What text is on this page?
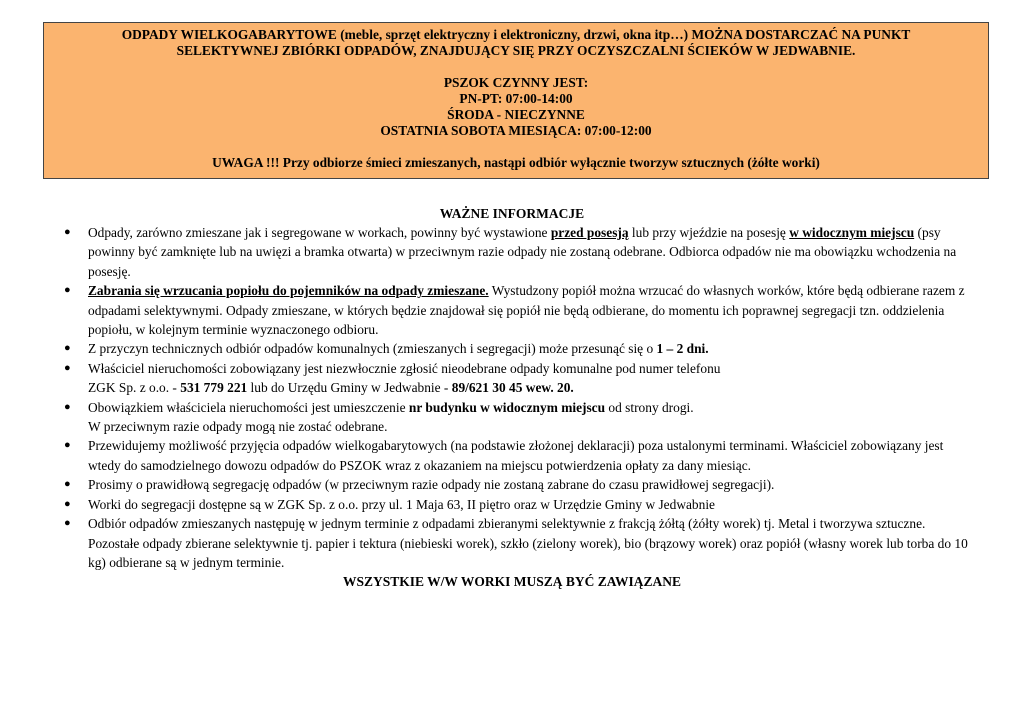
ODPADY WIELKOGABARYTOWE (meble, sprzęt elektryczny i elektroniczny, drzwi, okna itp…) MOŻNA DOSTARCZAĆ NA PUNKT

SELEKTYWNEJ ZBIÓRKI ODPADÓW, ZNAJDUJĄCY SIĘ PRZY OCZYSZCZALNI ŚCIEKÓW W JEDWABNIE.

PSZOK CZYNNY JEST:

PN-PT: 07:00-14:00

ŚRODA - NIECZYNNE

OSTATNIA SOBOTA MIESIĄCA: 07:00-12:00

UWAGA !!! Przy odbiorze śmieci zmieszanych, nastąpi odbiór wyłącznie tworzyw sztucznych (żółte worki)

WAŻNE INFORMACJE
● Odpady, zarówno zmieszane jak i segregowane w workach, powinny być wystawione przed posesją lub przy wjeździe na posesję w widocznym miejscu (psy powinny być zamknięte lub na uwięzi a bramka otwarta) w przeciwnym razie odpady nie zostaną odebrane. Odbiorca odpadów nie ma obowiązku wchodzenia na posesję.
● Zabrania się wrzucania popiołu do pojemników na odpady zmieszane. Wystudzony popiół można wrzucać do własnych worków, które będą odbierane razem z odpadami selektywnymi. Odpady zmieszane, w których będzie znajdował się popiół nie będą odbierane, do momentu ich poprawnej segregacji tzn. oddzielenia popiołu, w kolejnym terminie wyznaczonego odbioru.
● Z przyczyn technicznych odbiór odpadów komunalnych (zmieszanych i segregacji) może przesunąć się o 1 – 2 dni.
● Właściciel nieruchomości zobowiązany jest niezwłocznie zgłosić nieodebrane odpady komunalne pod numer telefonu
ZGK Sp. z o.o. - 531 779 221 lub do Urzędu Gminy w Jedwabnie - 89/621 30 45 wew. 20.
● Obowiązkiem właściciela nieruchomości jest umieszczenie nr budynku w widocznym miejscu od strony drogi.
W przeciwnym razie odpady mogą nie zostać odebrane.
● Przewidujemy możliwość przyjęcia odpadów wielkogabarytowych (na podstawie złożonej deklaracji) poza ustalonymi terminami. Właściciel zobowiązany jest wtedy do samodzielnego dowozu odpadów do PSZOK wraz z okazaniem na miejscu potwierdzenia opłaty za dany miesiąc.
● Prosimy o prawidłową segregację odpadów (w przeciwnym razie odpady nie zostaną zabrane do czasu prawidłowej segregacji).
● Worki do segregacji dostępne są w ZGK Sp. z o.o. przy ul. 1 Maja 63, II piętro oraz w Urzędzie Gminy w Jedwabnie
● Odbiór odpadów zmieszanych następuję w jednym terminie z odpadami zbieranymi selektywnie z frakcją żółtą (żółty worek) tj. Metal i tworzywa sztuczne. Pozostałe odpady zbierane selektywnie tj. papier i tektura (niebieski worek), szkło (zielony worek), bio (brązowy worek) oraz popiół (własny worek lub torba do 10 kg) odbierane są w jednym terminie.
WSZYSTKIE W/W WORKI MUSZĄ BYĆ ZAWIĄZANE
